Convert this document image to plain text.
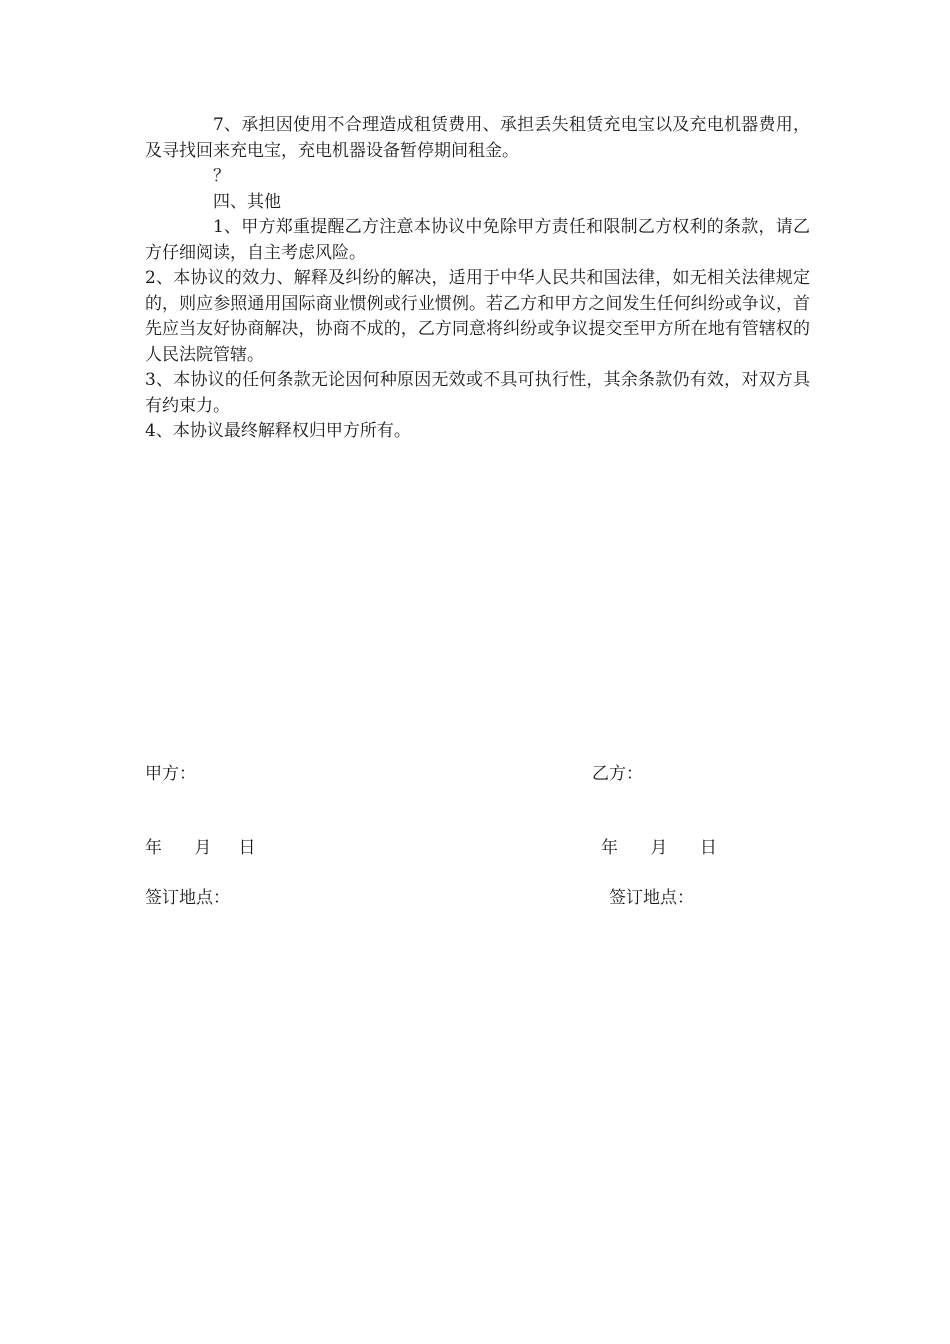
7、承担因使用不合理造成租赁费用、承担丢失租赁充电宝以及充电机器费用，及寻找回来充电宝，充电机器设备暂停期间租金。

？

四、其他

1、甲方郑重提醒乙方注意本协议中免除甲方责任和限制乙方权利的条款，请乙方仔细阅读，自主考虑风险。

2、本协议的效力、解释及纠纷的解决，适用于中华人民共和国法律，如无相关法律规定的，则应参照通用国际商业惯例或行业惯例。若乙方和甲方之间发生任何纠纷或争议，首先应当友好协商解决，协商不成的，乙方同意将纠纷或争议提交至甲方所在地有管辖权的人民法院管辖。

3、本协议的任何条款无论因何种原因无效或不具可执行性，其余条款仍有效，对双方具有约束力。

4、本协议最终解释权归甲方所有。

甲方：	乙方：
年      月     日	年      月      日
签订地点：	签订地点：
